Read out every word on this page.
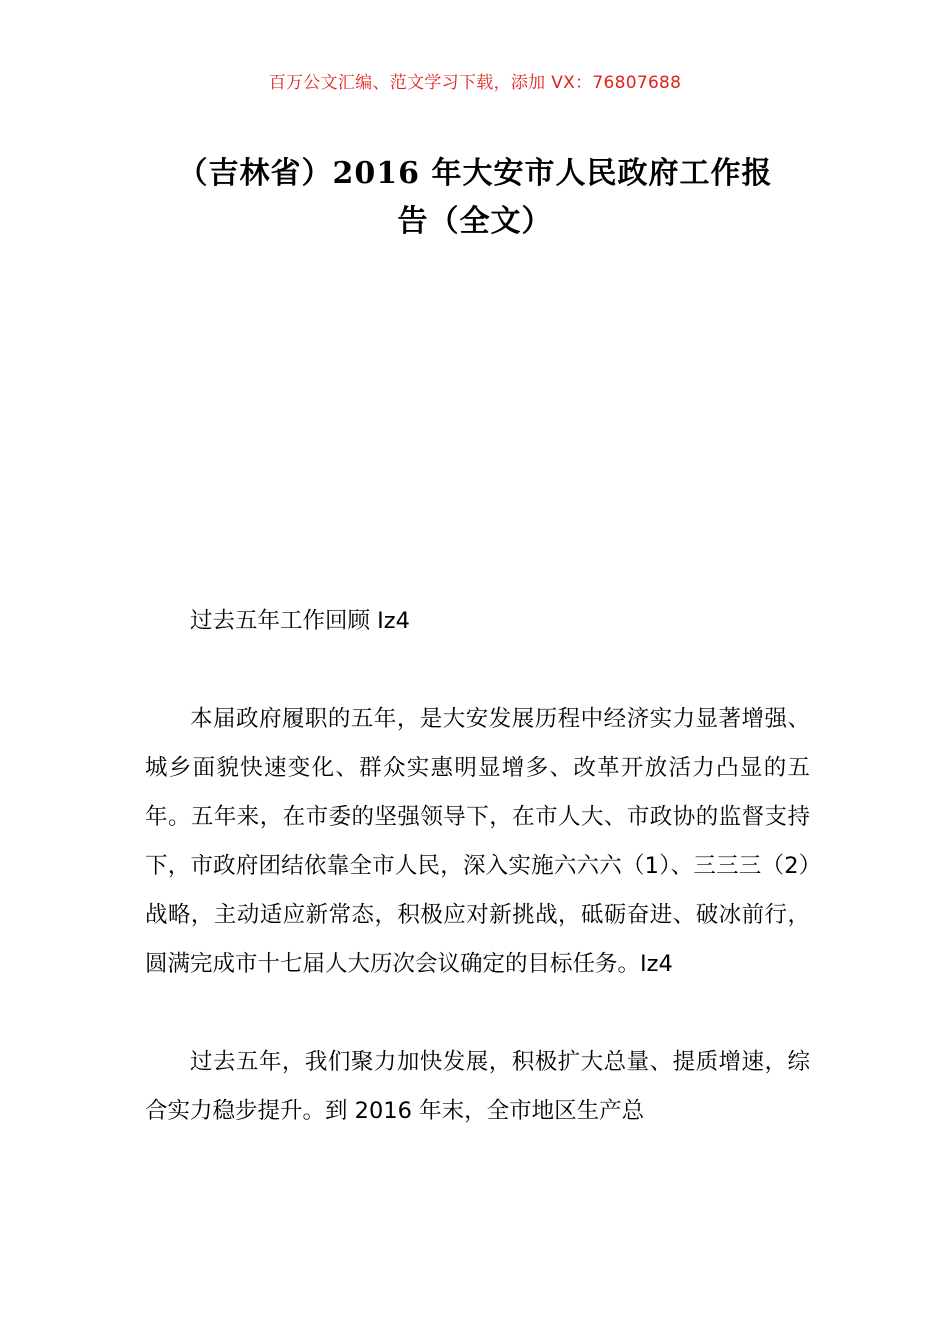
百万公文汇编、范文学习下载，添加 VX：76807688
（吉林省）2016 年大安市人民政府工作报
告（全文）

过去五年工作回顾 Iz4

本届政府履职的五年，是大安发展历程中经济实力显著增强、城乡面貌快速变化、群众实惠明显增多、改革开放活力凸显的五年。五年来，在市委的坚强领导下，在市人大、市政协的监督支持下，市政府团结依靠全市人民，深入实施六六六（1）、三三三（2）战略，主动适应新常态，积极应对新挑战，砥砺奋进、破冰前行，圆满完成市十七届人大历次会议确定的目标任务。Iz4

过去五年，我们聚力加快发展，积极扩大总量、提质增速，综合实力稳步提升。到 2016 年末，全市地区生产总
